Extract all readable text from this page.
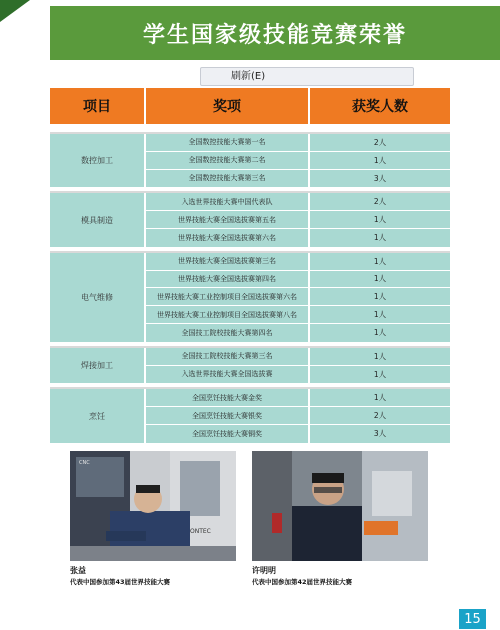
学生国家级技能竞赛荣誉
刷新(E)
项目	奖项	获奖人数
数控加工
全国数控技能大赛第一名	2人
全国数控技能大赛第二名	1人
全国数控技能大赛第三名	3人
模具制造
入选世界技能大赛中国代表队	2人
世界技能大赛全国选拔赛第五名	1人
世界技能大赛全国选拔赛第六名	1人
电气维修
世界技能大赛全国选拔赛第三名	1人
世界技能大赛全国选拔赛第四名	1人
世界技能大赛工业控制项目全国选拔赛第六名	1人
世界技能大赛工业控制项目全国选拔赛第八名	1人
全国技工院校技能大赛第四名	1人
焊接加工
全国技工院校技能大赛第三名	1人
入选世界技能大赛全国选拔赛	1人
烹饪
全国烹饪技能大赛金奖	1人
全国烹饪技能大赛银奖	2人
全国烹饪技能大赛铜奖	3人
CNC
ONTEC
张益
代表中国参加第43届世界技能大赛
许明明
代表中国参加第42届世界技能大赛
15
